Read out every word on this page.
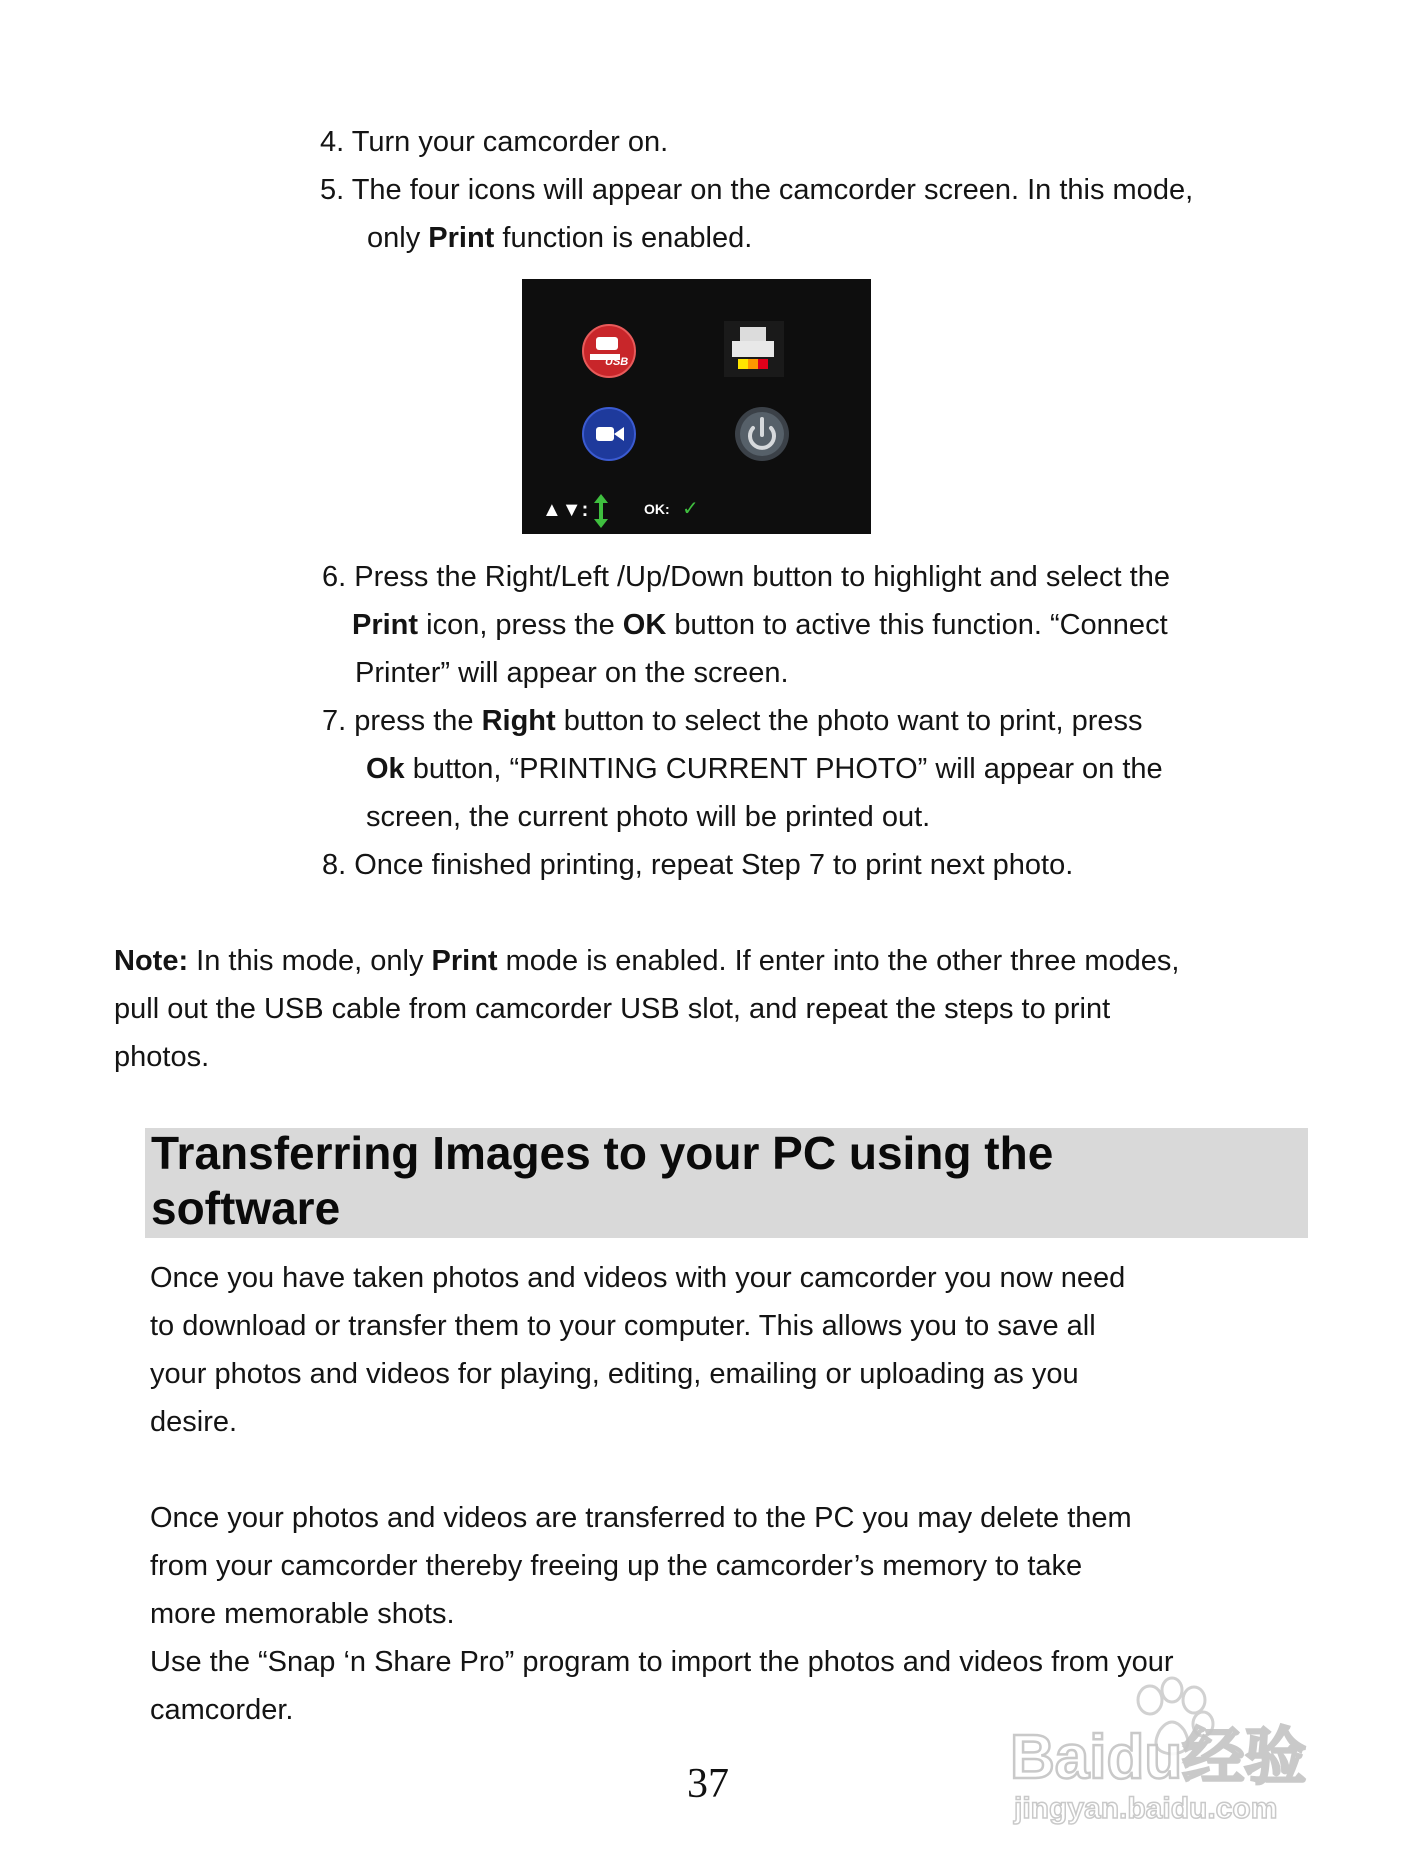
4. Turn your camcorder on.
5. The four icons will appear on the camcorder screen. In this mode,
only Print function is enabled.
USB
▲▼:	OK: ✓
6. Press the Right/Left /Up/Down button to highlight and select the
Print icon, press the OK button to active this function. “Connect
Printer” will appear on the screen.
7. press the Right button to select the photo want to print, press
Ok button, “PRINTING CURRENT PHOTO” will appear on the
screen, the current photo will be printed out.
8. Once finished printing, repeat Step 7 to print next photo.
Note: In this mode, only Print mode is enabled. If enter into the other three modes,
pull out the USB cable from camcorder USB slot, and repeat the steps to print
photos.
Transferring Images to your PC using the
software
Once you have taken photos and videos with your camcorder you now need
to download or transfer them to your computer. This allows you to save all
your photos and videos for playing, editing, emailing or uploading as you
desire.
Once your photos and videos are transferred to the PC you may delete them
from your camcorder thereby freeing up the camcorder’s memory to take
more memorable shots.
Use the “Snap ‘n Share Pro” program to import the photos and videos from your
camcorder.
37	Baidu经验
jingyan.baidu.com
